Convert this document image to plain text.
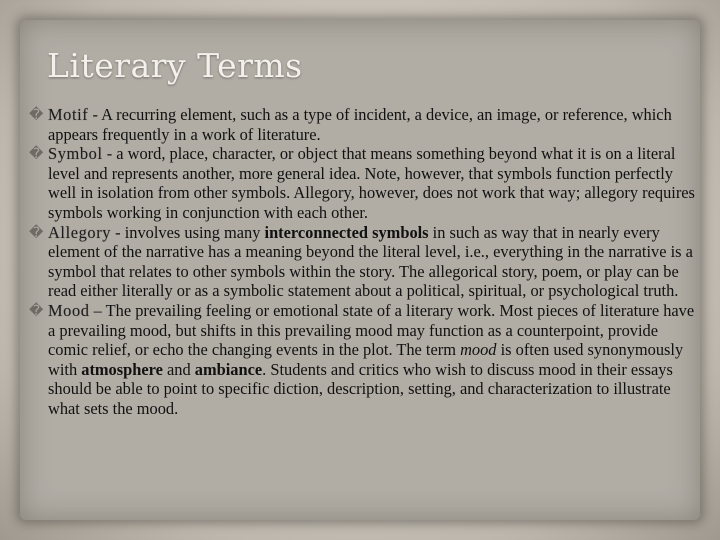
Literary Terms
� Motif - A recurring element, such as a type of incident, a device, an image, or reference, which appears frequently in a work of literature.
� Symbol - a word, place, character, or object that means something beyond what it is on a literal level and represents another, more general idea. Note, however, that symbols function perfectly well in isolation from other symbols. Allegory, however, does not work that way; allegory requires symbols working in conjunction with each other.
� Allegory - involves using many interconnected symbols in such as way that in nearly every element of the narrative has a meaning beyond the literal level, i.e., everything in the narrative is a symbol that relates to other symbols within the story. The allegorical story, poem, or play can be read either literally or as a symbolic statement about a political, spiritual, or psychological truth.
� Mood – The prevailing feeling or emotional state of a literary work. Most pieces of literature have a prevailing mood, but shifts in this prevailing mood may function as a counterpoint, provide comic relief, or echo the changing events in the plot. The term mood is often used synonymously with atmosphere and ambiance. Students and critics who wish to discuss mood in their essays should be able to point to specific diction, description, setting, and characterization to illustrate what sets the mood.
